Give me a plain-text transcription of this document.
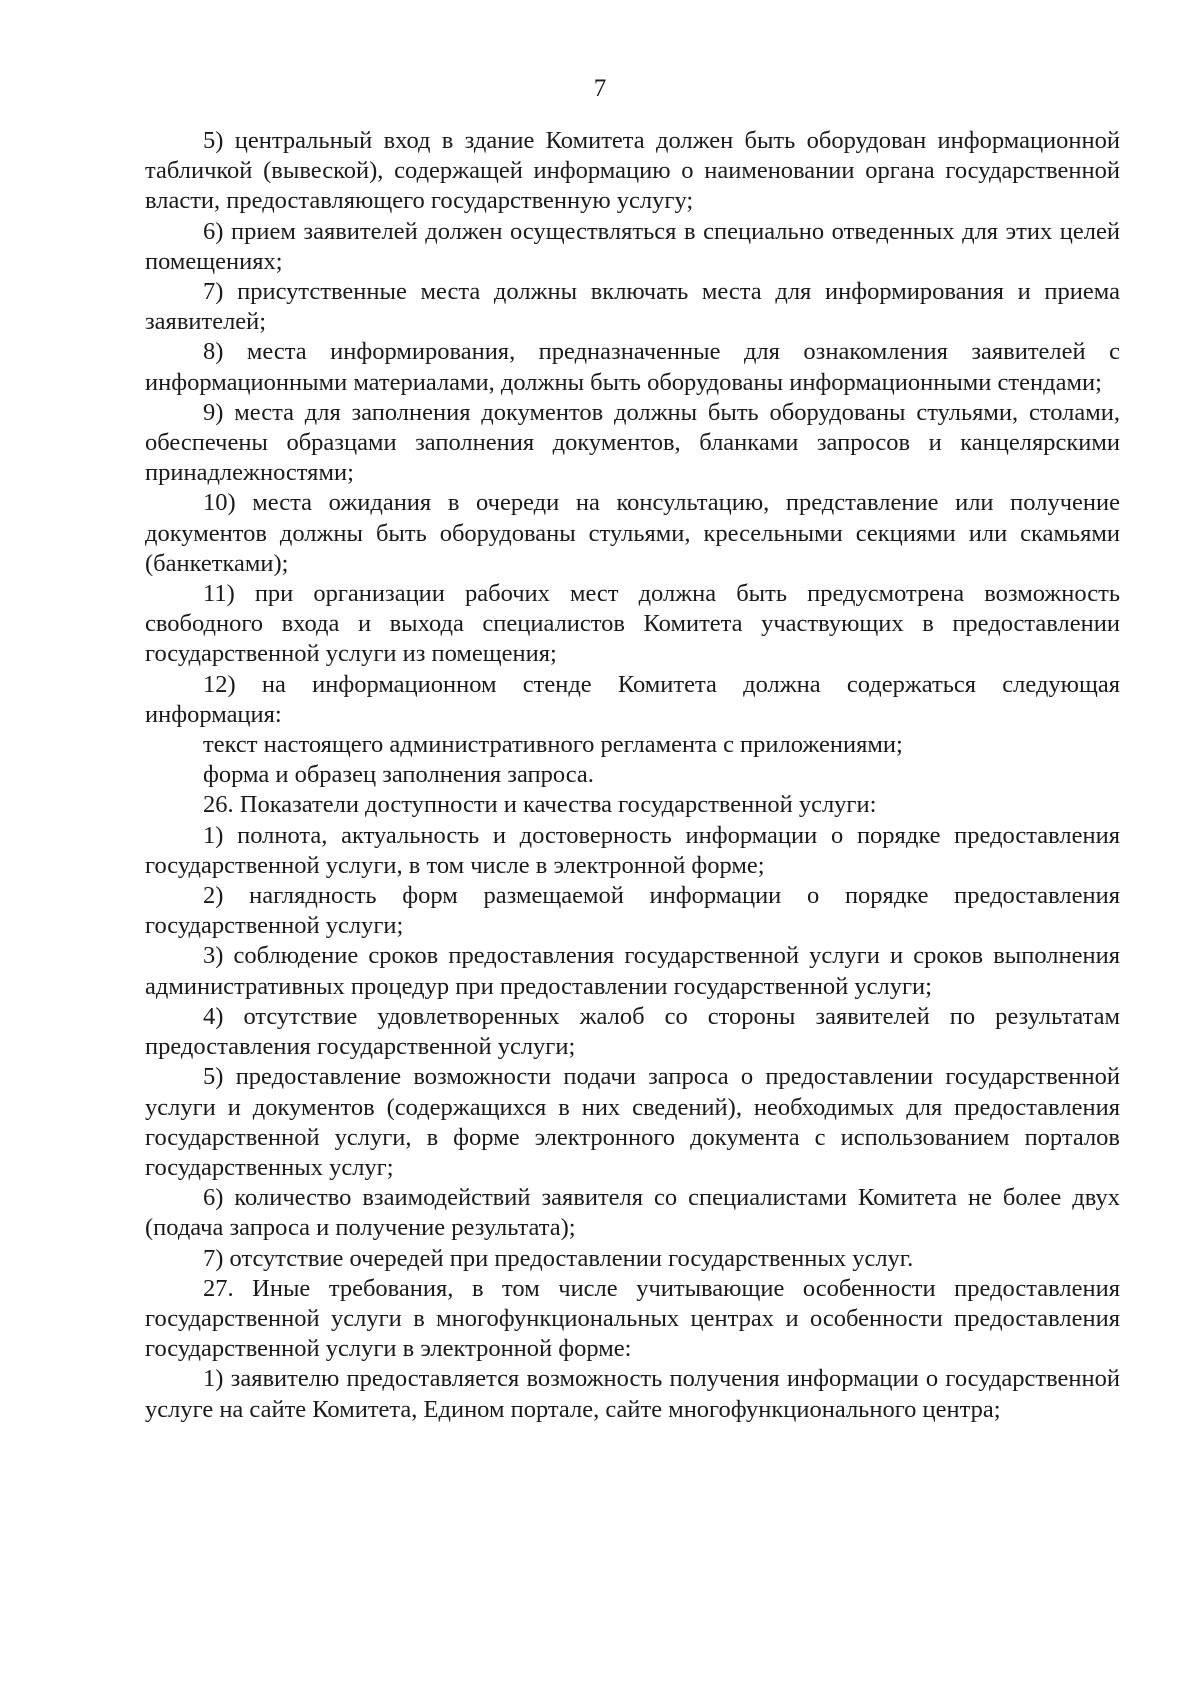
7

5) центральный вход в здание Комитета должен быть оборудован информационной табличкой (вывеской), содержащей информацию о наименовании органа государственной власти, предоставляющего государственную услугу;

6) прием заявителей должен осуществляться в специально отведенных для этих целей помещениях;

7) присутственные места должны включать места для информирования и приема заявителей;

8) места информирования, предназначенные для ознакомления заявителей с информационными материалами, должны быть оборудованы информационными стендами;

9) места для заполнения документов должны быть оборудованы стульями, столами, обеспечены образцами заполнения документов, бланками запросов и канцелярскими принадлежностями;

10) места ожидания в очереди на консультацию, представление или получение документов должны быть оборудованы стульями, кресельными секциями или скамьями (банкетками);

11) при организации рабочих мест должна быть предусмотрена возможность свободного входа и выхода специалистов Комитета участвующих в предоставлении государственной услуги из помещения;

12) на информационном стенде Комитета должна содержаться следующая информация:

текст настоящего административного регламента с приложениями;

форма и образец заполнения запроса.

26. Показатели доступности и качества государственной услуги:

1) полнота, актуальность и достоверность информации о порядке предоставления государственной услуги, в том числе в электронной форме;

2) наглядность форм размещаемой информации о порядке предоставления государственной услуги;

3) соблюдение сроков предоставления государственной услуги и сроков выполнения административных процедур при предоставлении государственной услуги;

4) отсутствие удовлетворенных жалоб со стороны заявителей по результатам предоставления государственной услуги;

5) предоставление возможности подачи запроса о предоставлении государственной услуги и документов (содержащихся в них сведений), необходимых для предоставления государственной услуги, в форме электронного документа с использованием порталов государственных услуг;

6) количество взаимодействий заявителя со специалистами Комитета не более двух (подача запроса и получение результата);

7) отсутствие очередей при предоставлении государственных услуг.

27. Иные требования, в том числе учитывающие особенности предоставления государственной услуги в многофункциональных центрах и особенности предоставления государственной услуги в электронной форме:

1) заявителю предоставляется возможность получения информации о государственной услуге на сайте Комитета, Едином портале, сайте многофункционального центра;
